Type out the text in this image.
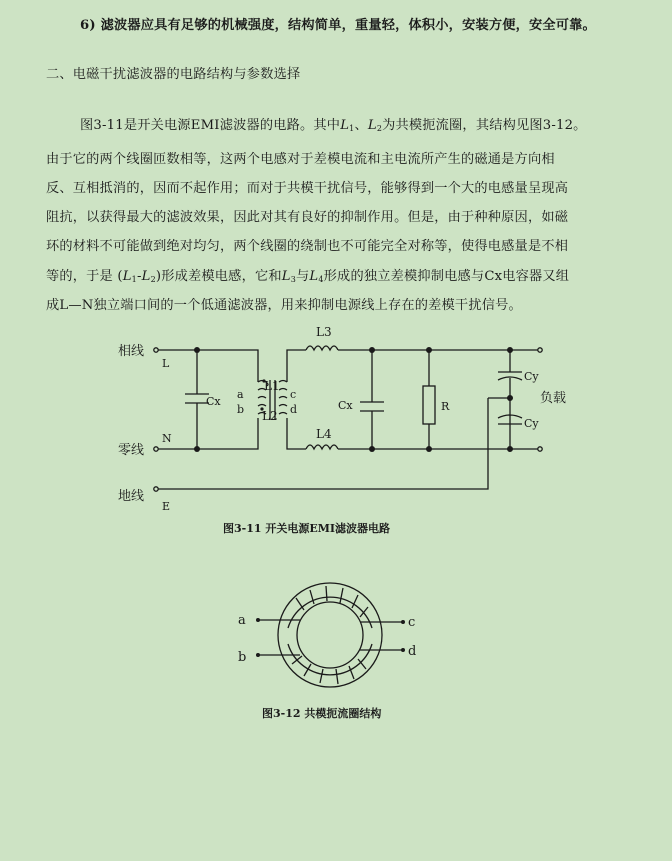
6) 滤波器应具有足够的机械强度，结构简单，重量轻，体积小，安装方便，安全可靠。
二、电磁干扰滤波器的电路结构与参数选择
图3-11是开关电源EMI滤波器的电路。其中$L_1$、$L_2$为共模扼流圈，其结构见图3-12。
由于它的两个线圈匝数相等，这两个电感对于差模电流和主电流所产生的磁通是方向相
反、互相抵消的，因而不起作用；而对于共模干扰信号，能够得到一个大的电感量呈现高
阻抗，以获得最大的滤波效果，因此对其有良好的抑制作用。但是，由于种种原因，如磁
环的材料不可能做到绝对均匀，两个线圈的绕制也不可能完全对称等，使得电感量是不相
等的，于是 $(L_1-L_2)$形成差模电感，它和$L_3$与$L_4$形成的独立差模抑制电感与Cx电容器又组
成L—N独立端口间的一个低通滤波器，用来抑制电源线上存在的差模干扰信号。
相线
零线
地线
L
N
E
Cx
a
b
c
d
L1
L2
L3
L4
Cx	R
Cy
Cy
负载
图3-11 开关电源EMI滤波器电路
a
b
c
d
图3-12 共模扼流圈结构
